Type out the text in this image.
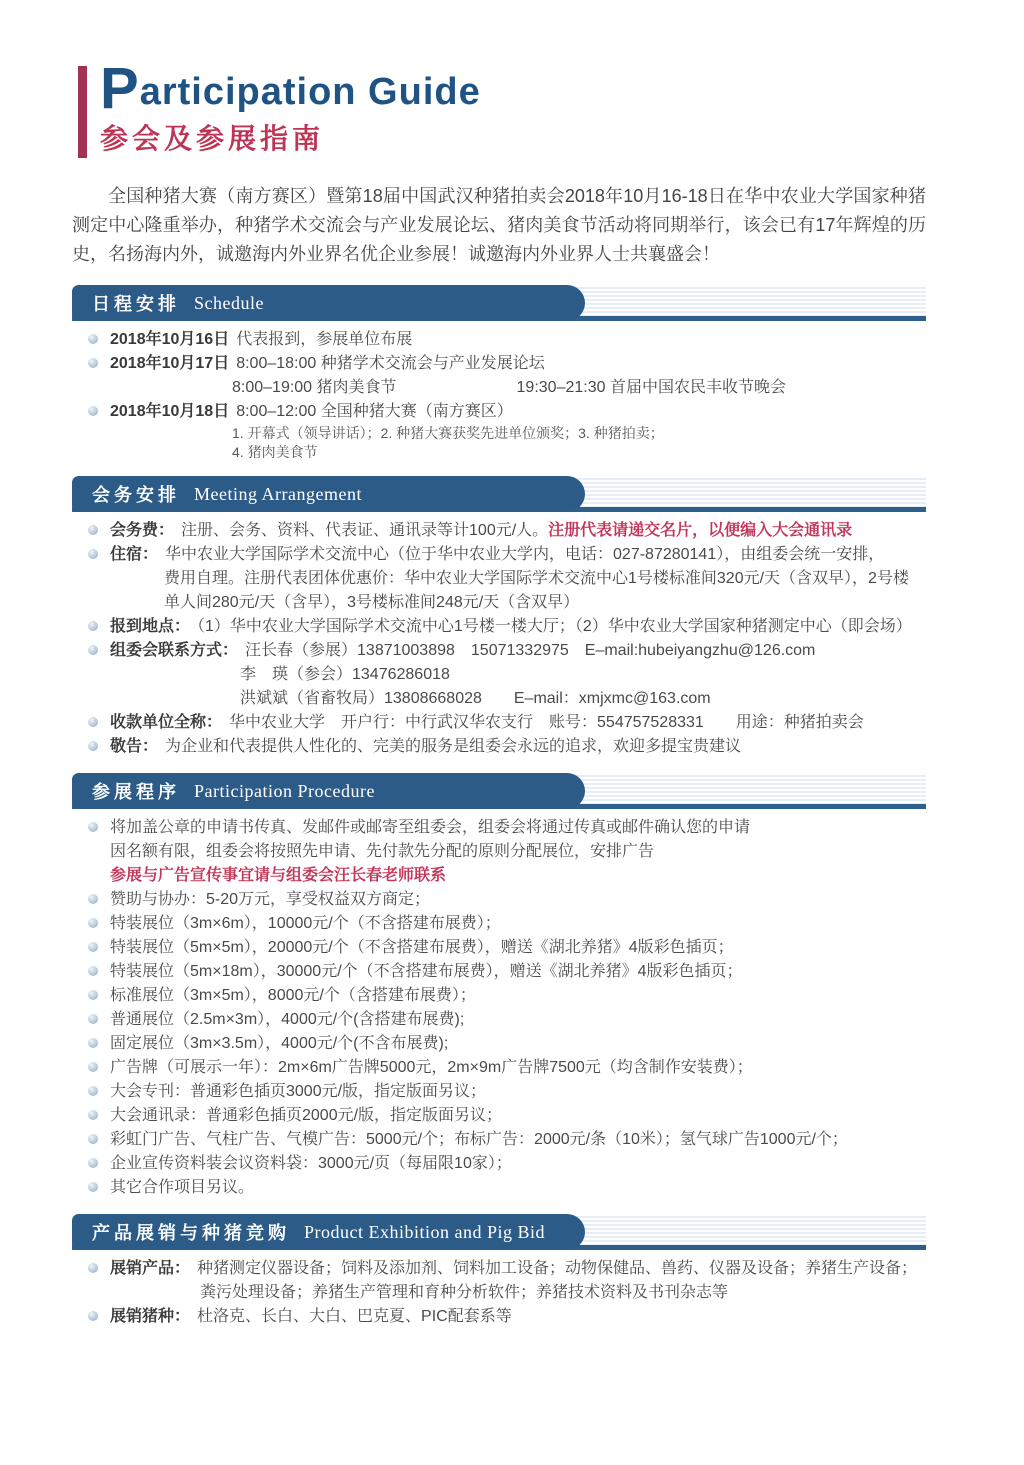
Participation Guide
参会及参展指南

全国种猪大赛（南方赛区）暨第18届中国武汉种猪拍卖会2018年10月16-18日在华中农业大学国家种猪测定中心隆重举办，种猪学术交流会与产业发展论坛、猪肉美食节活动将同期举行，该会已有17年辉煌的历史，名扬海内外，诚邀海内外业界名优企业参展！诚邀海内外业界人士共襄盛会！

日程安排 Schedule
2018年10月16日 代表报到，参展单位布展
2018年10月17日 8:00–18:00 种猪学术交流会与产业发展论坛
8:00–19:00 猪肉美食节	19:30–21:30 首届中国农民丰收节晚会
2018年10月18日 8:00–12:00 全国种猪大赛（南方赛区）
1. 开幕式（领导讲话）；2. 种猪大赛获奖先进单位颁奖；3. 种猪拍卖；
4. 猪肉美食节
会务安排 Meeting Arrangement
会务费： 注册、会务、资料、代表证、通讯录等计100元/人。注册代表请递交名片，以便编入大会通讯录
住宿： 华中农业大学国际学术交流中心（位于华中农业大学内，电话：027-87280141），由组委会统一安排，
费用自理。注册代表团体优惠价：华中农业大学国际学术交流中心1号楼标准间320元/天（含双早），2号楼
单人间280元/天（含早），3号楼标准间248元/天（含双早）
报到地点： （1）华中农业大学国际学术交流中心1号楼一楼大厅；（2）华中农业大学国家种猪测定中心（即会场）
组委会联系方式： 汪长春（参展）13871003898　15071332975　E–mail:hubeiyangzhu@126.com
李　瑛（参会）13476286018
洪斌斌（省畜牧局）13808668028　　E–mail：xmjxmc@163.com
收款单位全称： 华中农业大学　开户行：中行武汉华农支行　账号：554757528331　　用途：种猪拍卖会
敬告： 为企业和代表提供人性化的、完美的服务是组委会永远的追求，欢迎多提宝贵建议
参展程序 Participation Procedure
将加盖公章的申请书传真、发邮件或邮寄至组委会，组委会将通过传真或邮件确认您的申请
因名额有限，组委会将按照先申请、先付款先分配的原则分配展位，安排广告
参展与广告宣传事宜请与组委会汪长春老师联系
赞助与协办：5-20万元，享受权益双方商定；
特装展位（3m×6m），10000元/个（不含搭建布展费）；
特装展位（5m×5m），20000元/个（不含搭建布展费），赠送《湖北养猪》4版彩色插页；
特装展位（5m×18m），30000元/个（不含搭建布展费），赠送《湖北养猪》4版彩色插页；
标准展位（3m×5m），8000元/个（含搭建布展费）；
普通展位（2.5m×3m），4000元/个(含搭建布展费);
固定展位（3m×3.5m），4000元/个(不含布展费);
广告牌（可展示一年）：2m×6m广告牌5000元，2m×9m广告牌7500元（均含制作安装费）；
大会专刊：普通彩色插页3000元/版，指定版面另议；
大会通讯录：普通彩色插页2000元/版，指定版面另议；
彩虹门广告、气柱广告、气模广告：5000元/个；布标广告：2000元/条（10米）；氢气球广告1000元/个；
企业宣传资料装会议资料袋：3000元/页（每届限10家）；
其它合作项目另议。
产品展销与种猪竞购 Product Exhibition and Pig Bid
展销产品： 种猪测定仪器设备；饲料及添加剂、饲料加工设备；动物保健品、兽药、仪器及设备；养猪生产设备；
粪污处理设备；养猪生产管理和育种分析软件；养猪技术资料及书刊杂志等
展销猪种： 杜洛克、长白、大白、巴克夏、PIC配套系等
